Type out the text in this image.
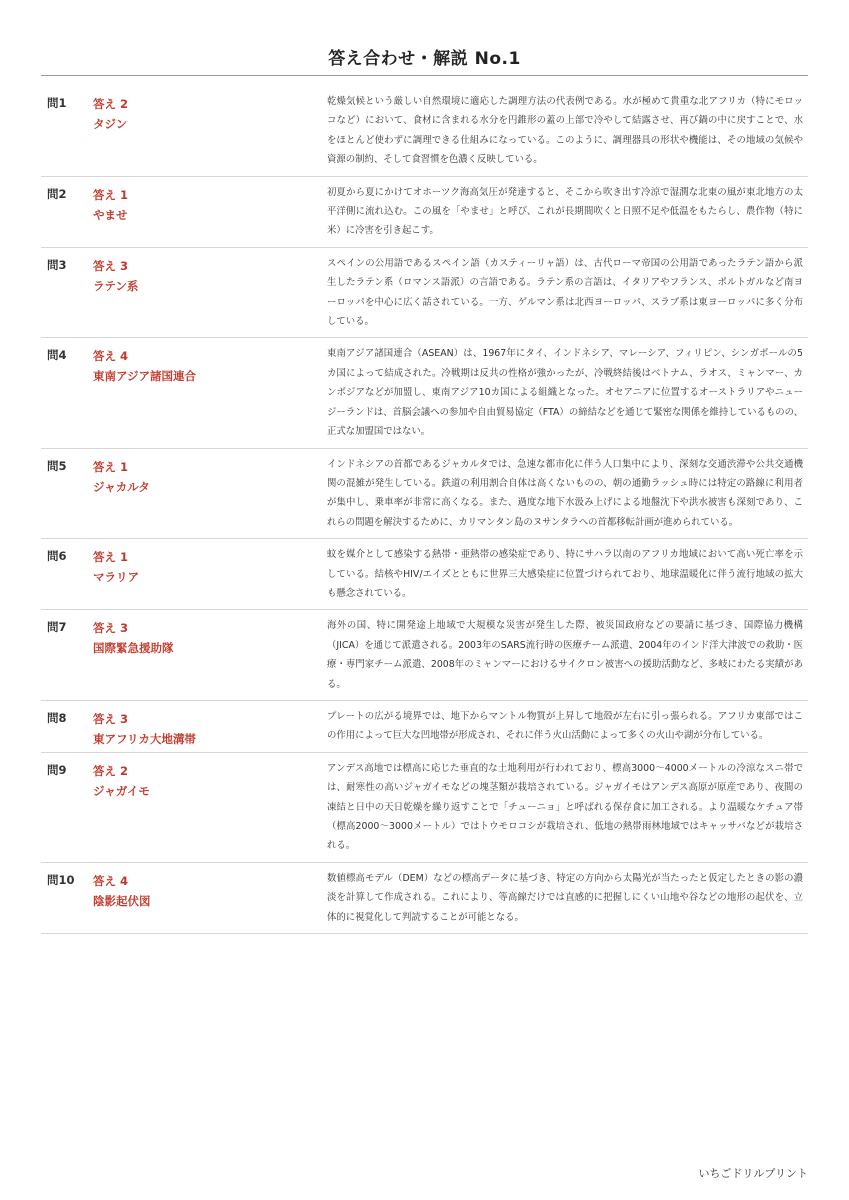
答え合わせ・解説 No.1
問1 答え 2
タジン
乾燥気候という厳しい自然環境に適応した調理方法の代表例である。水が極めて貴重な北アフリカ（特にモロッコなど）において、食材に含まれる水分を円錐形の蓋の上部で冷やして結露させ、再び鍋の中に戻すことで、水をほとんど使わずに調理できる仕組みになっている。このように、調理器具の形状や機能は、その地域の気候や資源の制約、そして食習慣を色濃く反映している。
問2 答え 1
やませ
初夏から夏にかけてオホーツク海高気圧が発達すると、そこから吹き出す冷涼で湿潤な北東の風が東北地方の太平洋側に流れ込む。この風を「やませ」と呼び、これが長期間吹くと日照不足や低温をもたらし、農作物（特に米）に冷害を引き起こす。
問3 答え 3
ラテン系
スペインの公用語であるスペイン語（カスティーリャ語）は、古代ローマ帝国の公用語であったラテン語から派生したラテン系（ロマンス語派）の言語である。ラテン系の言語は、イタリアやフランス、ポルトガルなど南ヨーロッパを中心に広く話されている。一方、ゲルマン系は北西ヨーロッパ、スラブ系は東ヨーロッパに多く分布している。
問4 答え 4
東南アジア諸国連合
東南アジア諸国連合（ASEAN）は、1967年にタイ、インドネシア、マレーシア、フィリピン、シンガポールの5カ国によって結成された。冷戦期は反共の性格が強かったが、冷戦終結後はベトナム、ラオス、ミャンマー、カンボジアなどが加盟し、東南アジア10カ国による組織となった。オセアニアに位置するオーストラリアやニュージーランドは、首脳会議への参加や自由貿易協定（FTA）の締結などを通じて緊密な関係を維持しているものの、正式な加盟国ではない。
問5 答え 1
ジャカルタ
インドネシアの首都であるジャカルタでは、急速な都市化に伴う人口集中により、深刻な交通渋滞や公共交通機関の混雑が発生している。鉄道の利用割合自体は高くないものの、朝の通勤ラッシュ時には特定の路線に利用者が集中し、乗車率が非常に高くなる。また、過度な地下水汲み上げによる地盤沈下や洪水被害も深刻であり、これらの問題を解決するために、カリマンタン島のヌサンタラへの首都移転計画が進められている。
問6 答え 1
マラリア
蚊を媒介として感染する熱帯・亜熱帯の感染症であり、特にサハラ以南のアフリカ地域において高い死亡率を示している。結核やHIV/エイズとともに世界三大感染症に位置づけられており、地球温暖化に伴う流行地域の拡大も懸念されている。
問7 答え 3
国際緊急援助隊
海外の国、特に開発途上地域で大規模な災害が発生した際、被災国政府などの要請に基づき、国際協力機構（JICA）を通じて派遣される。2003年のSARS流行時の医療チーム派遣、2004年のインド洋大津波での救助・医療・専門家チーム派遣、2008年のミャンマーにおけるサイクロン被害への援助活動など、多岐にわたる実績がある。
問8 答え 3
東アフリカ大地溝帯
プレートの広がる境界では、地下からマントル物質が上昇して地殻が左右に引っ張られる。アフリカ東部ではこの作用によって巨大な凹地帯が形成され、それに伴う火山活動によって多くの火山や湖が分布している。
問9 答え 2
ジャガイモ
アンデス高地では標高に応じた垂直的な土地利用が行われており、標高3000〜4000メートルの冷涼なスニ帯では、耐寒性の高いジャガイモなどの塊茎類が栽培されている。ジャガイモはアンデス高原が原産であり、夜間の凍結と日中の天日乾燥を繰り返すことで「チューニョ」と呼ばれる保存食に加工される。より温暖なケチュア帯（標高2000〜3000メートル）ではトウモロコシが栽培され、低地の熱帯雨林地域ではキャッサバなどが栽培される。
問10 答え 4
陰影起伏図
数値標高モデル（DEM）などの標高データに基づき、特定の方向から太陽光が当たったと仮定したときの影の濃淡を計算して作成される。これにより、等高線だけでは直感的に把握しにくい山地や谷などの地形の起伏を、立体的に視覚化して判読することが可能となる。
いちごドリルプリント
